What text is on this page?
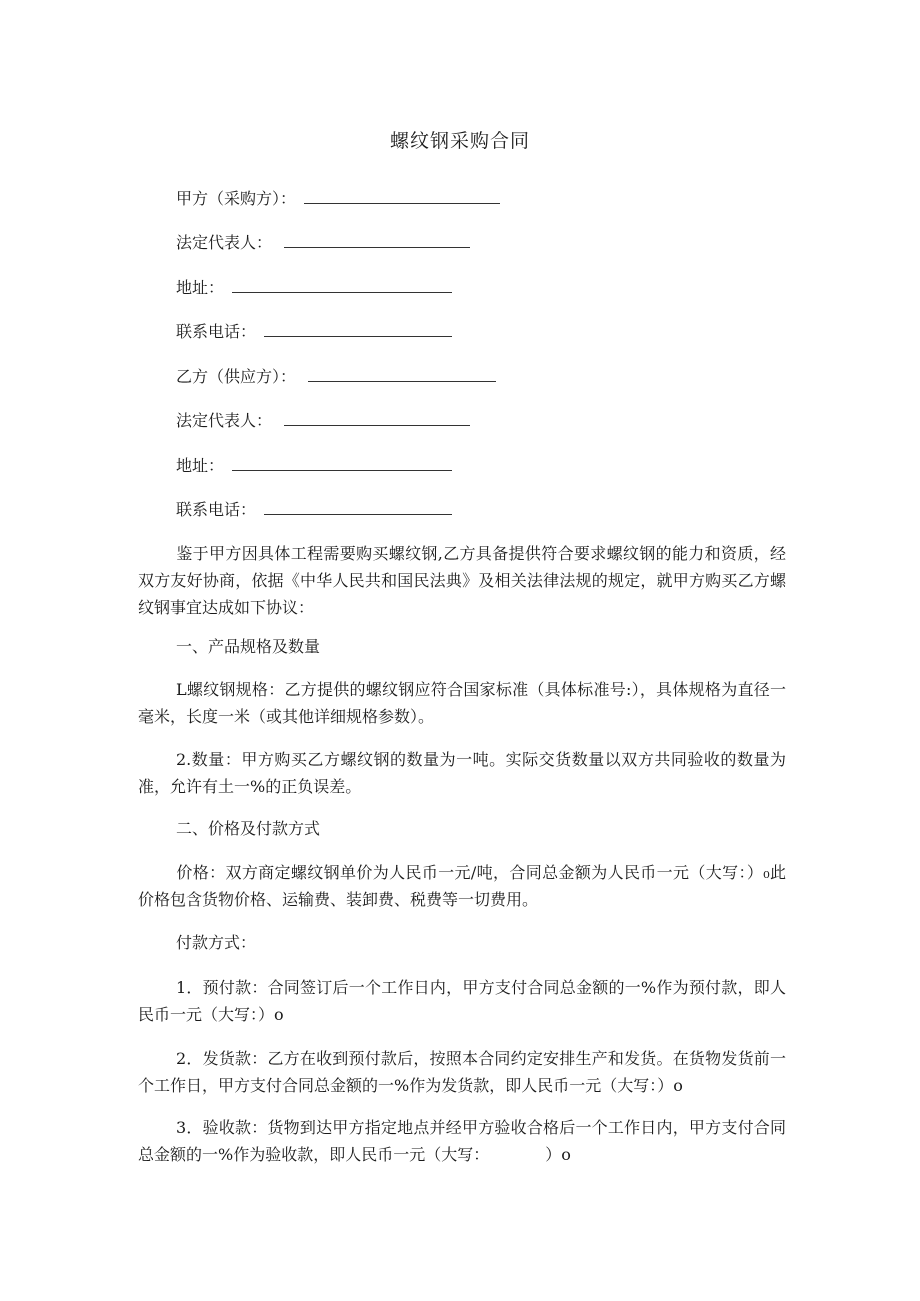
螺纹钢采购合同
甲方（采购方）：
法定代表人：
地址：
联系电话：
乙方（供应方）：
法定代表人：
地址：
联系电话：
鉴于甲方因具体工程需要购买螺纹钢,乙方具备提供符合要求螺纹钢的能力和资质，经双方友好协商，依据《中华人民共和国民法典》及相关法律法规的规定，就甲方购买乙方螺纹钢事宜达成如下协议：
一、产品规格及数量
L螺纹钢规格：乙方提供的螺纹钢应符合国家标准（具体标准号:），具体规格为直径一毫米，长度一米（或其他详细规格参数）。
2.数量：甲方购买乙方螺纹钢的数量为一吨。实际交货数量以双方共同验收的数量为准，允许有土一%的正负误差。
二、价格及付款方式
价格：双方商定螺纹钢单价为人民币一元/吨，合同总金额为人民币一元（大写：）₀此价格包含货物价格、运输费、装卸费、税费等一切费用。
付款方式：
1．预付款：合同签订后一个工作日内，甲方支付合同总金额的一%作为预付款，即人民币一元（大写：）o
2．发货款：乙方在收到预付款后，按照本合同约定安排生产和发货。在货物发货前一个工作日，甲方支付合同总金额的一%作为发货款，即人民币一元（大写：）o
3．验收款：货物到达甲方指定地点并经甲方验收合格后一个工作日内，甲方支付合同总金额的一%作为验收款，即人民币一元（大写：　　　　）o
